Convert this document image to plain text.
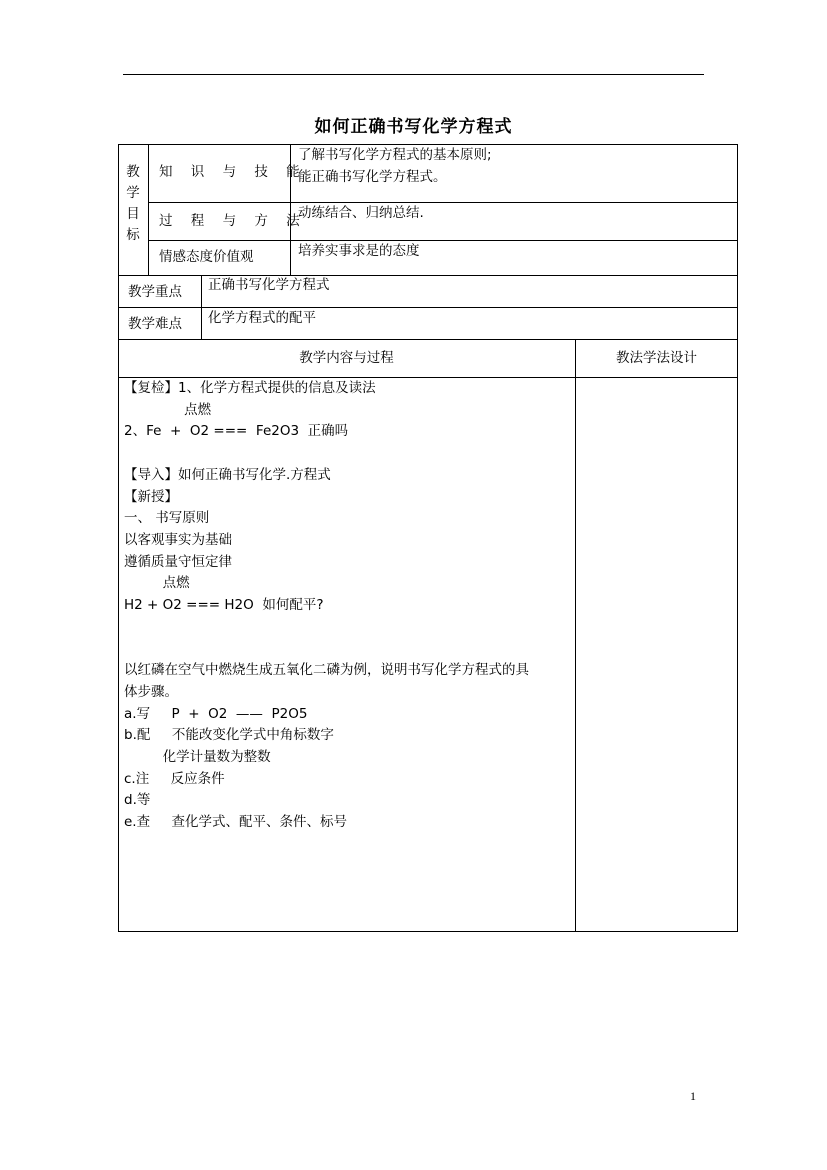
如何正确书写化学方程式
教
学
目
标
知 识 与 技 能
了解书写化学方程式的基本原则;
能正确书写化学方程式。
过 程 与 方 法
动练结合、归纳总结.
情感态度价值观	培养实事求是的态度
教学重点 正确书写化学方程式
教学难点 化学方程式的配平
教学内容与过程	教法学法设计
【复检】1、化学方程式提供的信息及读法
点燃
2、Fe  +  O2 ===  Fe2O3  正确吗
【导入】如何正确书写化学.方程式
【新授】
一、 书写原则
以客观事实为基础
遵循质量守恒定律
点燃
H2 + O2 === H2O  如何配平?
以红磷在空气中燃烧生成五氧化二磷为例，说明书写化学方程式的具
体步骤。
a.写     P  +  O2  ——  P2O5
b.配     不能改变化学式中角标数字
化学计量数为整数
c.注     反应条件
d.等
e.查     查化学式、配平、条件、标号
1
